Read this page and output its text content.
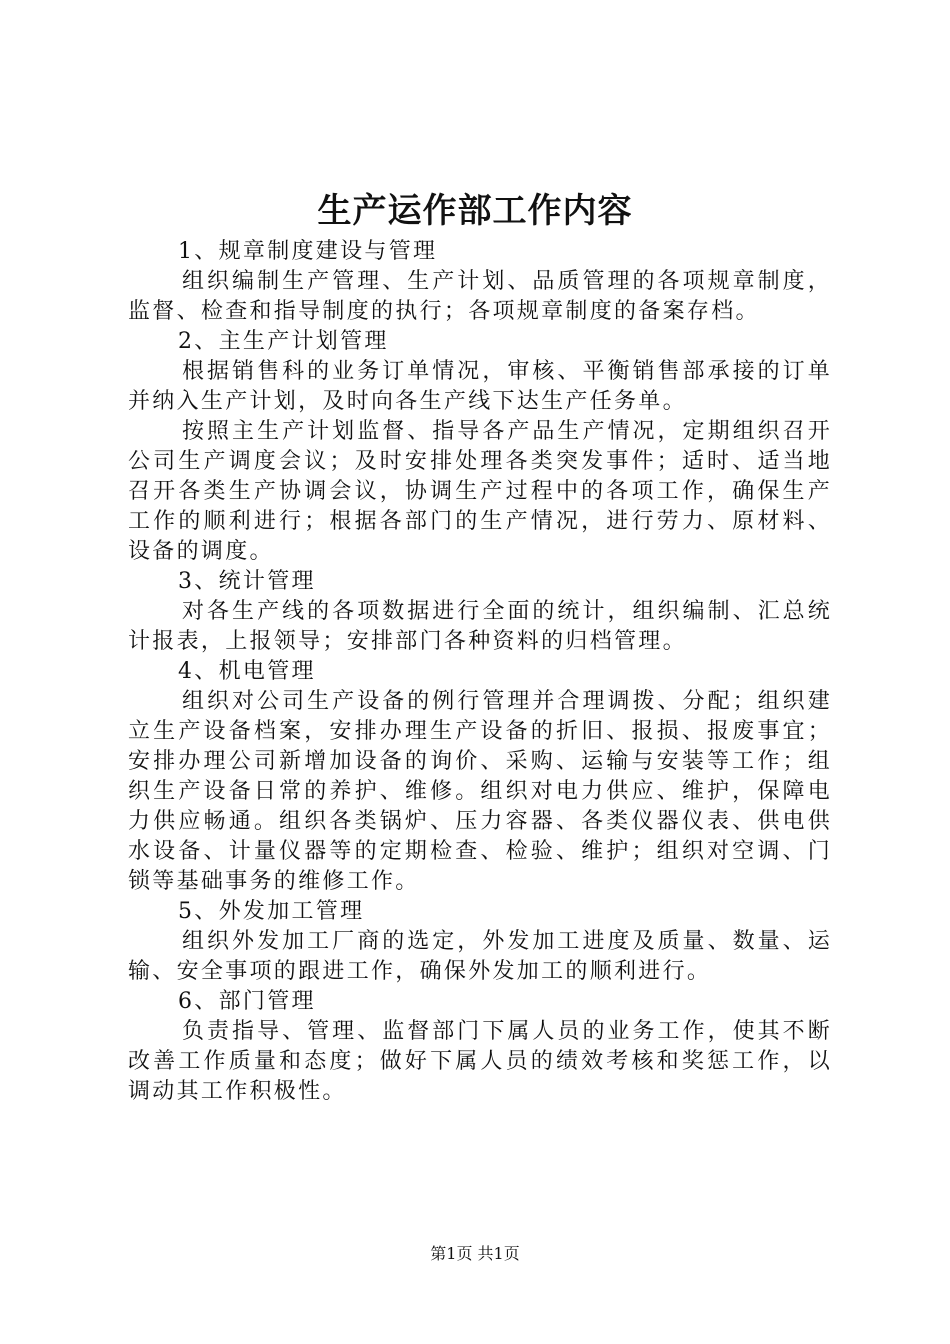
生产运作部工作内容

1、规章制度建设与管理

组织编制生产管理、生产计划、品质管理的各项规章制度，监督、检查和指导制度的执行；各项规章制度的备案存档。

2、主生产计划管理

根据销售科的业务订单情况，审核、平衡销售部承接的订单并纳入生产计划，及时向各生产线下达生产任务单。

按照主生产计划监督、指导各产品生产情况，定期组织召开公司生产调度会议；及时安排处理各类突发事件；适时、适当地召开各类生产协调会议，协调生产过程中的各项工作，确保生产工作的顺利进行；根据各部门的生产情况，进行劳力、原材料、设备的调度。

3、统计管理

对各生产线的各项数据进行全面的统计，组织编制、汇总统计报表，上报领导；安排部门各种资料的归档管理。

4、机电管理

组织对公司生产设备的例行管理并合理调拨、分配；组织建立生产设备档案，安排办理生产设备的折旧、报损、报废事宜；安排办理公司新增加设备的询价、采购、运输与安装等工作；组织生产设备日常的养护、维修。组织对电力供应、维护，保障电力供应畅通。组织各类锅炉、压力容器、各类仪器仪表、供电供水设备、计量仪器等的定期检查、检验、维护；组织对空调、门锁等基础事务的维修工作。

5、外发加工管理

组织外发加工厂商的选定，外发加工进度及质量、数量、运输、安全事项的跟进工作，确保外发加工的顺利进行。

6、部门管理

负责指导、管理、监督部门下属人员的业务工作，使其不断改善工作质量和态度；做好下属人员的绩效考核和奖惩工作，以调动其工作积极性。

第1页 共1页
